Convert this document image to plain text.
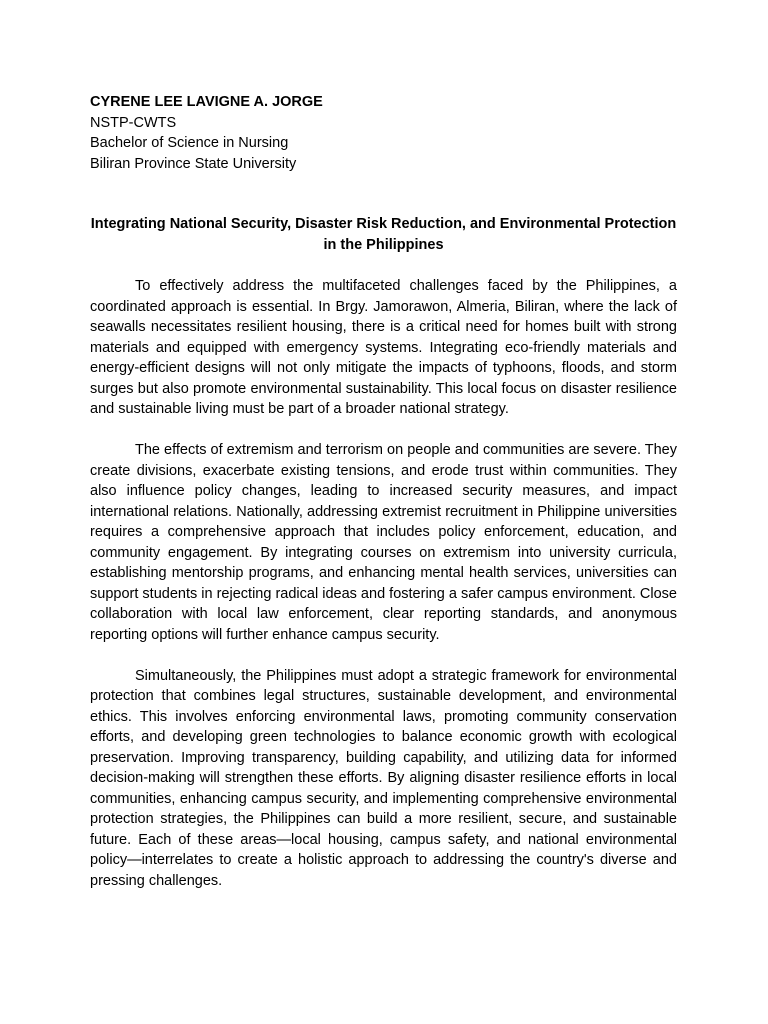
CYRENE LEE LAVIGNE A. JORGE
NSTP-CWTS
Bachelor of Science in Nursing
Biliran Province State University
Integrating National Security, Disaster Risk Reduction, and Environmental Protection in the Philippines

To effectively address the multifaceted challenges faced by the Philippines, a coordinated approach is essential. In Brgy. Jamorawon, Almeria, Biliran, where the lack of seawalls necessitates resilient housing, there is a critical need for homes built with strong materials and equipped with emergency systems. Integrating eco-friendly materials and energy-efficient designs will not only mitigate the impacts of typhoons, floods, and storm surges but also promote environmental sustainability. This local focus on disaster resilience and sustainable living must be part of a broader national strategy.

The effects of extremism and terrorism on people and communities are severe. They create divisions, exacerbate existing tensions, and erode trust within communities. They also influence policy changes, leading to increased security measures, and impact international relations. Nationally, addressing extremist recruitment in Philippine universities requires a comprehensive approach that includes policy enforcement, education, and community engagement. By integrating courses on extremism into university curricula, establishing mentorship programs, and enhancing mental health services, universities can support students in rejecting radical ideas and fostering a safer campus environment. Close collaboration with local law enforcement, clear reporting standards, and anonymous reporting options will further enhance campus security.

Simultaneously, the Philippines must adopt a strategic framework for environmental protection that combines legal structures, sustainable development, and environmental ethics. This involves enforcing environmental laws, promoting community conservation efforts, and developing green technologies to balance economic growth with ecological preservation. Improving transparency, building capability, and utilizing data for informed decision-making will strengthen these efforts. By aligning disaster resilience efforts in local communities, enhancing campus security, and implementing comprehensive environmental protection strategies, the Philippines can build a more resilient, secure, and sustainable future. Each of these areas—local housing, campus safety, and national environmental policy—interrelates to create a holistic approach to addressing the country's diverse and pressing challenges.
